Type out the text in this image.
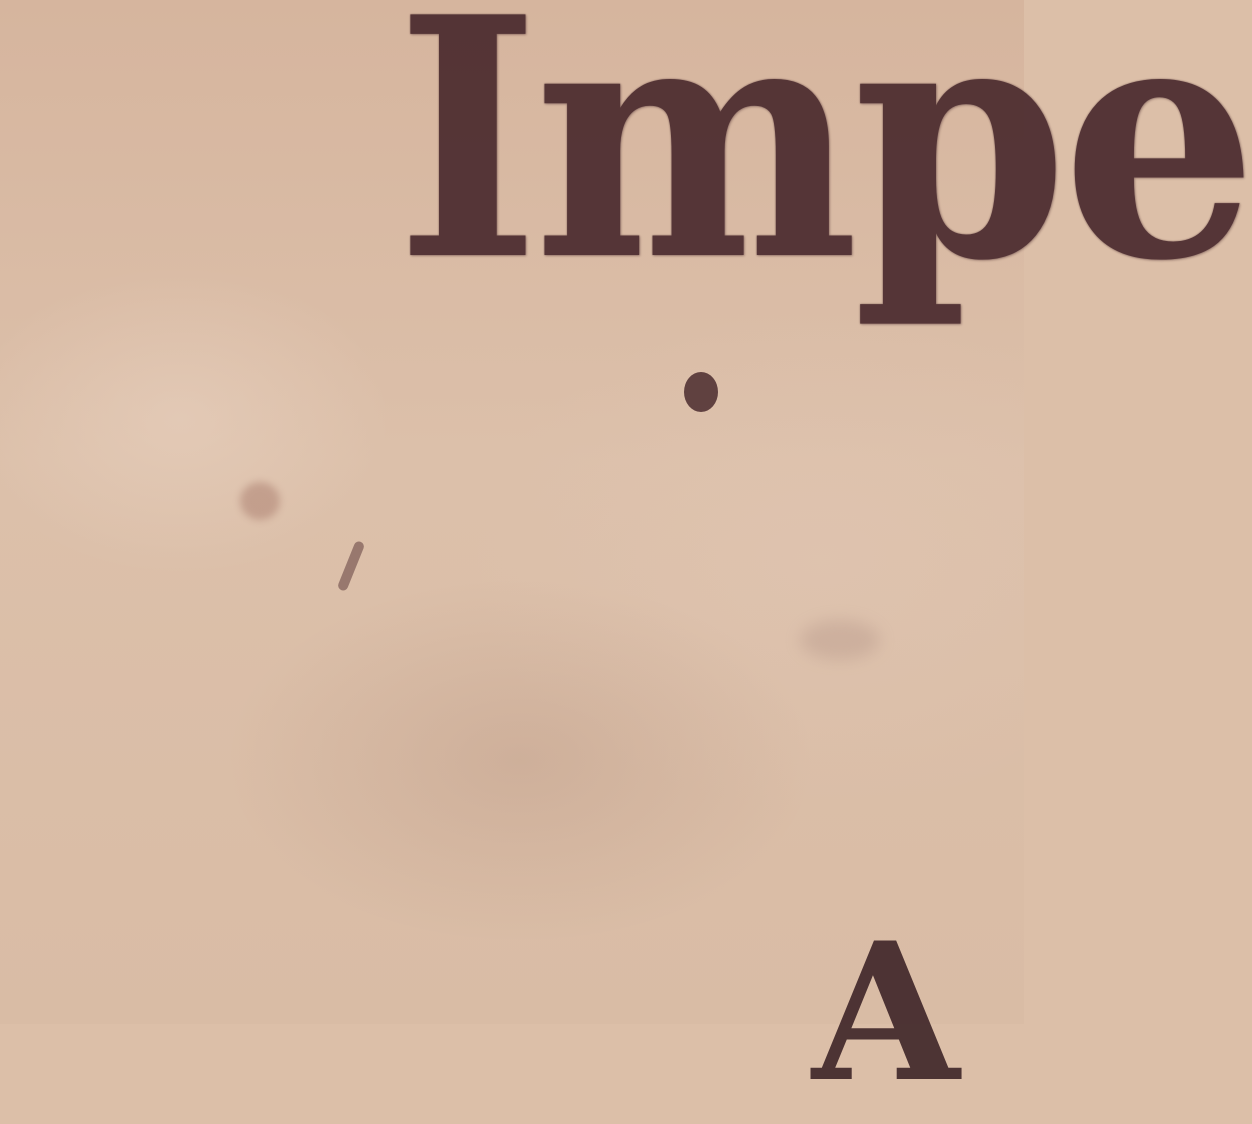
Impe

A
